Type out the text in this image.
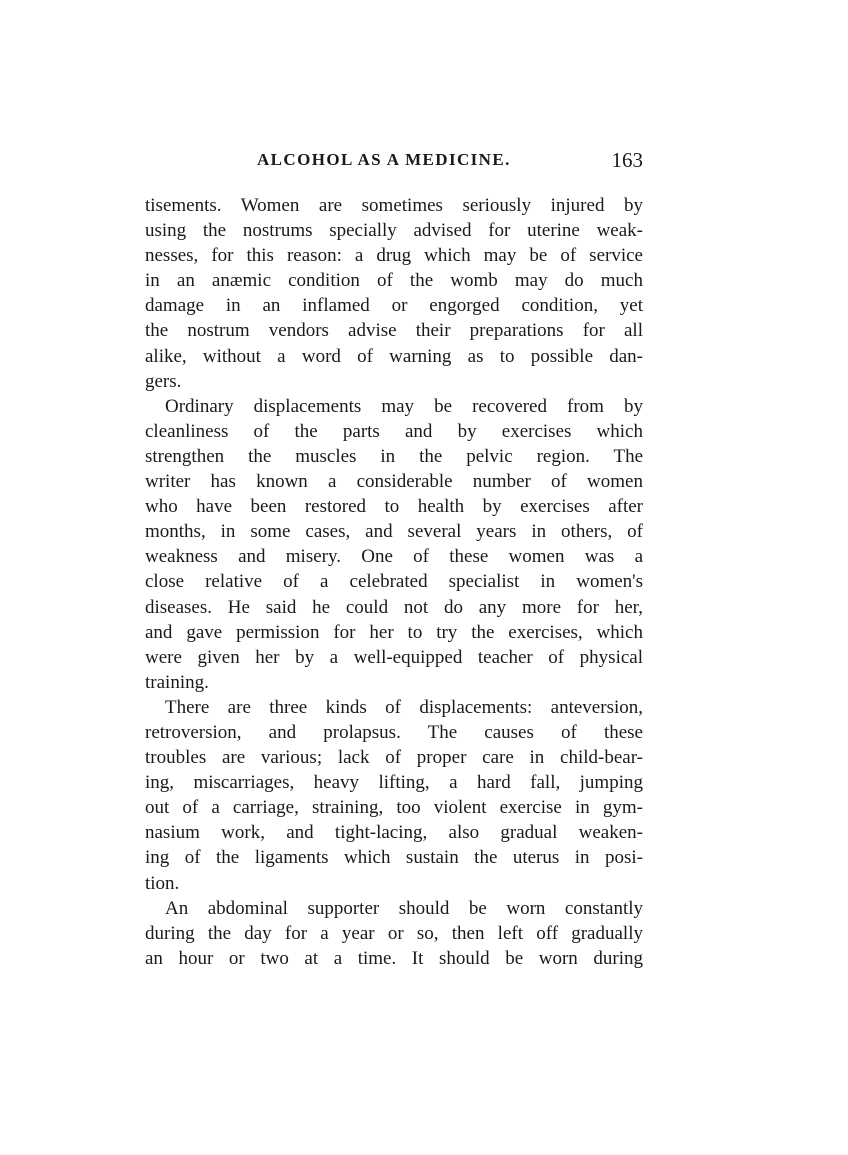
ALCOHOL AS A MEDICINE.	163
tisements. Women are sometimes seriously injured by
using the nostrums specially advised for uterine weak-
nesses, for this reason: a drug which may be of service
in an anæmic condition of the womb may do much
damage in an inflamed or engorged condition, yet
the nostrum vendors advise their preparations for all
alike, without a word of warning as to possible dan-
gers.
Ordinary displacements may be recovered from by
cleanliness of the parts and by exercises which
strengthen the muscles in the pelvic region. The
writer has known a considerable number of women
who have been restored to health by exercises after
months, in some cases, and several years in others, of
weakness and misery. One of these women was a
close relative of a celebrated specialist in women's
diseases. He said he could not do any more for her,
and gave permission for her to try the exercises, which
were given her by a well-equipped teacher of physical
training.
There are three kinds of displacements: anteversion,
retroversion, and prolapsus. The causes of these
troubles are various; lack of proper care in child-bear-
ing, miscarriages, heavy lifting, a hard fall, jumping
out of a carriage, straining, too violent exercise in gym-
nasium work, and tight-lacing, also gradual weaken-
ing of the ligaments which sustain the uterus in posi-
tion.
An abdominal supporter should be worn constantly
during the day for a year or so, then left off gradually
an hour or two at a time. It should be worn during
